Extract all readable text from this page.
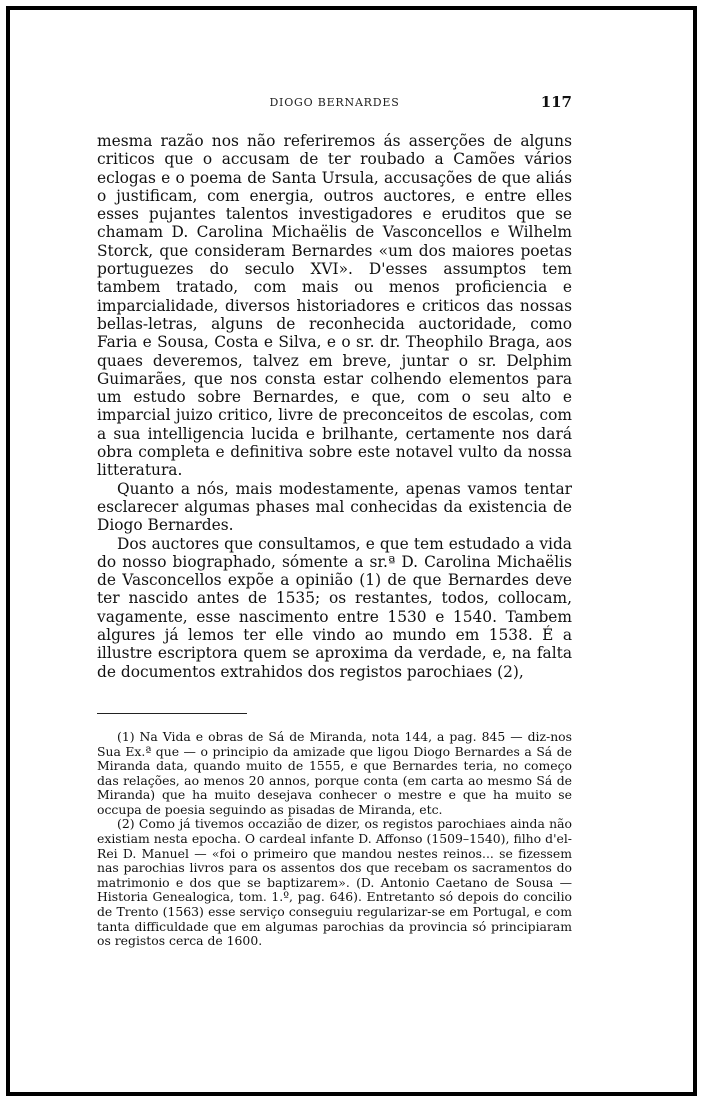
DIOGO BERNARDES	117

mesma razão nos não referiremos ás asserções de alguns criticos que o accusam de ter roubado a Camões vários eclogas e o poema de Santa Ursula, accusações de que aliás o justificam, com energia, outros auctores, e entre elles esses pujantes talentos investigadores e eruditos que se chamam D. Carolina Michaëlis de Vasconcellos e Wilhelm Storck, que consideram Bernardes «um dos maiores poetas portuguezes do seculo XVI». D'esses assumptos tem tambem tratado, com mais ou menos proficiencia e imparcialidade, diversos historiadores e criticos das nossas bellas-letras, alguns de reconhecida auctoridade, como Faria e Sousa, Costa e Silva, e o sr. dr. Theophilo Braga, aos quaes deveremos, talvez em breve, juntar o sr. Delphim Guimarães, que nos consta estar colhendo elementos para um estudo sobre Bernardes, e que, com o seu alto e imparcial juizo critico, livre de preconceitos de escolas, com a sua intelligencia lucida e brilhante, certamente nos dará obra completa e definitiva sobre este notavel vulto da nossa litteratura.

Quanto a nós, mais modestamente, apenas vamos tentar esclarecer algumas phases mal conhecidas da existencia de Diogo Bernardes.

Dos auctores que consultamos, e que tem estudado a vida do nosso biographado, sómente a sr.ª D. Carolina Michaëlis de Vasconcellos expõe a opinião (1) de que Bernardes deve ter nascido antes de 1535; os restantes, todos, collocam, vagamente, esse nascimento entre 1530 e 1540. Tambem algures já lemos ter elle vindo ao mundo em 1538. É a illustre escriptora quem se aproxima da verdade, e, na falta de documentos extrahidos dos registos parochiaes (2),

(1) Na Vida e obras de Sá de Miranda, nota 144, a pag. 845 — diz-nos Sua Ex.ª que — o principio da amizade que ligou Diogo Bernardes a Sá de Miranda data, quando muito de 1555, e que Bernardes teria, no começo das relações, ao menos 20 annos, porque conta (em carta ao mesmo Sá de Miranda) que ha muito desejava conhecer o mestre e que ha muito se occupa de poesia seguindo as pisadas de Miranda, etc.

(2) Como já tivemos occazião de dizer, os registos parochiaes ainda não existiam nesta epocha. O cardeal infante D. Affonso (1509–1540), filho d'el-Rei D. Manuel — «foi o primeiro que mandou nestes reinos... se fizessem nas parochias livros para os assentos dos que recebam os sacramentos do matrimonio e dos que se baptizarem». (D. Antonio Caetano de Sousa — Historia Genealogica, tom. 1.º, pag. 646). Entretanto só depois do concilio de Trento (1563) esse serviço conseguiu regularizar-se em Portugal, e com tanta difficuldade que em algumas parochias da provincia só principiaram os registos cerca de 1600.
